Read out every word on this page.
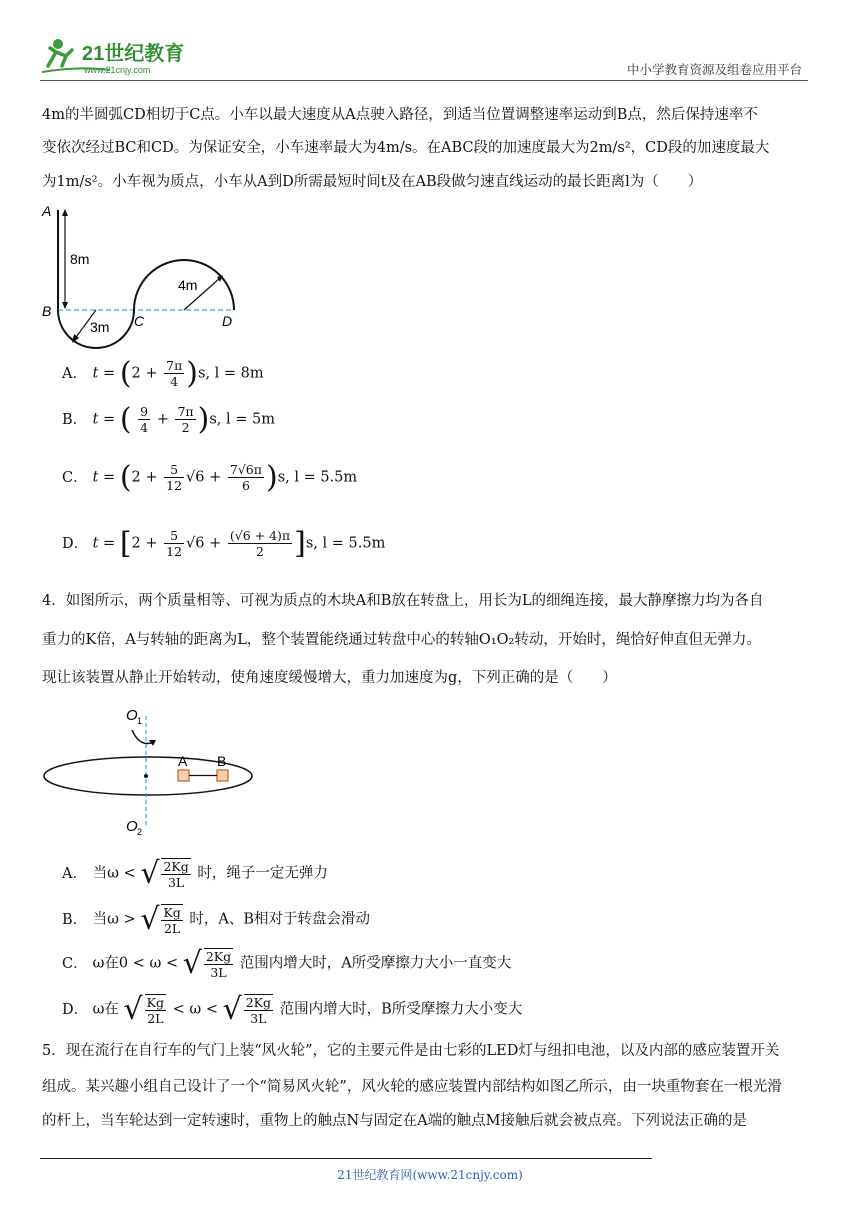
21世纪教育
www.21cnjy.com	中小学教育资源及组卷应用平台
4m的半圆弧CD相切于C点。小车以最大速度从A点驶入路径，到适当位置调整速率运动到B点，然后保持速率不
变依次经过BC和CD。为保证安全，小车速率最大为4m/s。在ABC段的加速度最大为2m/s²，CD段的加速度最大
为1m/s²。小车视为质点，小车从A到D所需最短时间t及在AB段做匀速直线运动的最长距离l为（　　）
A
B
C	D
8m
4m
3m
A． $t = (2 + \frac{7\pi}{4} )s$, l = 8m
B． t = ( $\frac{9}{4} + \frac{7\pi}{2} )s$, l = 5m
C． $t = (2 + \frac{5}{12} √6 + \frac{7√6\pi}{6} )s$, l = 5.5m
D． $t = [2 + \frac{5}{12} √6 + \frac{(√6 + 4)\pi}{2} ]s$, l = 5.5m
4．如图所示，两个质量相等、可视为质点的木块A和B放在转盘上，用长为L的细绳连接，最大静摩擦力均为各自
重力的K倍，A与转轴的距离为L，整个装置能绕通过转盘中心的转轴O₁O₂转动，开始时，绳恰好伸直但无弹力。
现让该装置从静止开始转动，使角速度缓慢增大，重力加速度为g，下列正确的是（　　）
O 1
O 2
A B
A． 当ω < √ $\frac{2Kg}{3L}$ 时，绳子一定无弹力
B． 当ω > √ $\frac{Kg}{2L}$ 时，A、B相对于转盘会滑动
C． ω在0 < ω < √ $\frac{2Kg}{3L}$ 范围内增大时，A所受摩擦力大小一直变大
D． ω在 √ $\frac{Kg}{2L} < \omega$ < √ $\frac{2Kg}{3L}$ 范围内增大时，B所受摩擦力大小变大
5．现在流行在自行车的气门上装“风火轮”，它的主要元件是由七彩的LED灯与纽扣电池，以及内部的感应装置开关
组成。某兴趣小组自己设计了一个“简易风火轮”，风火轮的感应装置内部结构如图乙所示，由一块重物套在一根光滑
的杆上，当车轮达到一定转速时，重物上的触点N与固定在A端的触点M接触后就会被点亮。下列说法正确的是
21世纪教育网(www.21cnjy.com)
